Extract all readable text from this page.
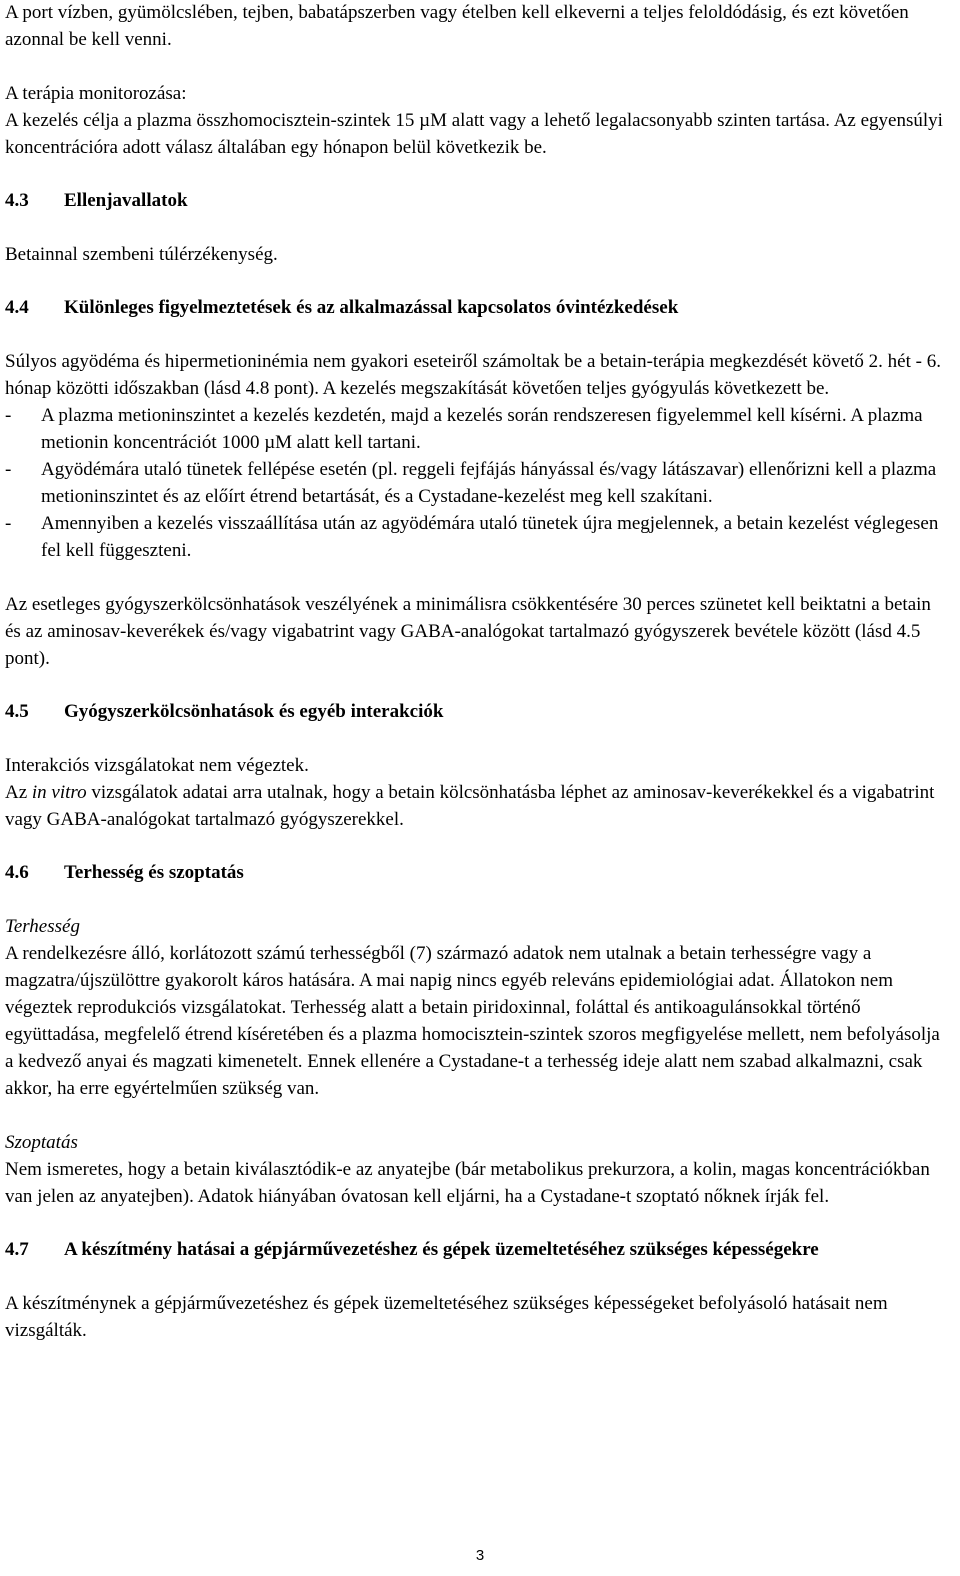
A port vízben, gyümölcslében, tejben, babatápszerben vagy ételben kell elkeverni a teljes feloldódásig, és ezt követően azonnal be kell venni.

A terápia monitorozása:

A kezelés célja a plazma összhomocisztein-szintek 15 µM alatt vagy a lehető legalacsonyabb szinten tartása. Az egyensúlyi koncentrációra adott válasz általában egy hónapon belül következik be.

4.3	Ellenjavallatok

Betainnal szembeni túlérzékenység.

4.4	Különleges figyelmeztetések és az alkalmazással kapcsolatos óvintézkedések

Súlyos agyödéma és hipermetioninémia nem gyakori eseteiről számoltak be a betain-terápia megkezdését követő 2. hét - 6. hónap közötti időszakban (lásd 4.8 pont). A kezelés megszakítását követően teljes gyógyulás következett be.

-	A plazma metioninszintet a kezelés kezdetén, majd a kezelés során rendszeresen figyelemmel kell kísérni. A plazma metionin koncentrációt 1000 µM alatt kell tartani.
-	Agyödémára utaló tünetek fellépése esetén (pl. reggeli fejfájás hányással és/vagy látászavar) ellenőrizni kell a plazma metioninszintet és az előírt étrend betartását, és a Cystadane-kezelést meg kell szakítani.
-	Amennyiben a kezelés visszaállítása után az agyödémára utaló tünetek újra megjelennek, a betain kezelést véglegesen fel kell függeszteni.

Az esetleges gyógyszerkölcsönhatások veszélyének a minimálisra csökkentésére 30 perces szünetet kell beiktatni a betain és az aminosav-keverékek és/vagy vigabatrint vagy GABA-analógokat tartalmazó gyógyszerek bevétele között (lásd 4.5 pont).

4.5	Gyógyszerkölcsönhatások és egyéb interakciók

Interakciós vizsgálatokat nem végeztek.

Az in vitro vizsgálatok adatai arra utalnak, hogy a betain kölcsönhatásba léphet az aminosav-keverékekkel és a vigabatrint vagy GABA-analógokat tartalmazó gyógyszerekkel.

4.6	Terhesség és szoptatás

Terhesség

A rendelkezésre álló, korlátozott számú terhességből (7) származó adatok nem utalnak a betain terhességre vagy a magzatra/újszülöttre gyakorolt káros hatására. A mai napig nincs egyéb releváns epidemiológiai adat. Állatokon nem végeztek reprodukciós vizsgálatokat. Terhesség alatt a betain piridoxinnal, foláttal és antikoagulánsokkal történő együttadása, megfelelő étrend kíséretében és a plazma homocisztein-szintek szoros megfigyelése mellett, nem befolyásolja a kedvező anyai és magzati kimenetelt. Ennek ellenére a Cystadane-t a terhesség ideje alatt nem szabad alkalmazni, csak akkor, ha erre egyértelműen szükség van.

Szoptatás

Nem ismeretes, hogy a betain kiválasztódik-e az anyatejbe (bár metabolikus prekurzora, a kolin, magas koncentrációkban van jelen az anyatejben). Adatok hiányában óvatosan kell eljárni, ha a Cystadane-t szoptató nőknek írják fel.

4.7	A készítmény hatásai a gépjárművezetéshez és gépek üzemeltetéséhez szükséges képességekre

A készítménynek a gépjárművezetéshez és gépek üzemeltetéséhez szükséges képességeket befolyásoló hatásait nem vizsgálták.

3
